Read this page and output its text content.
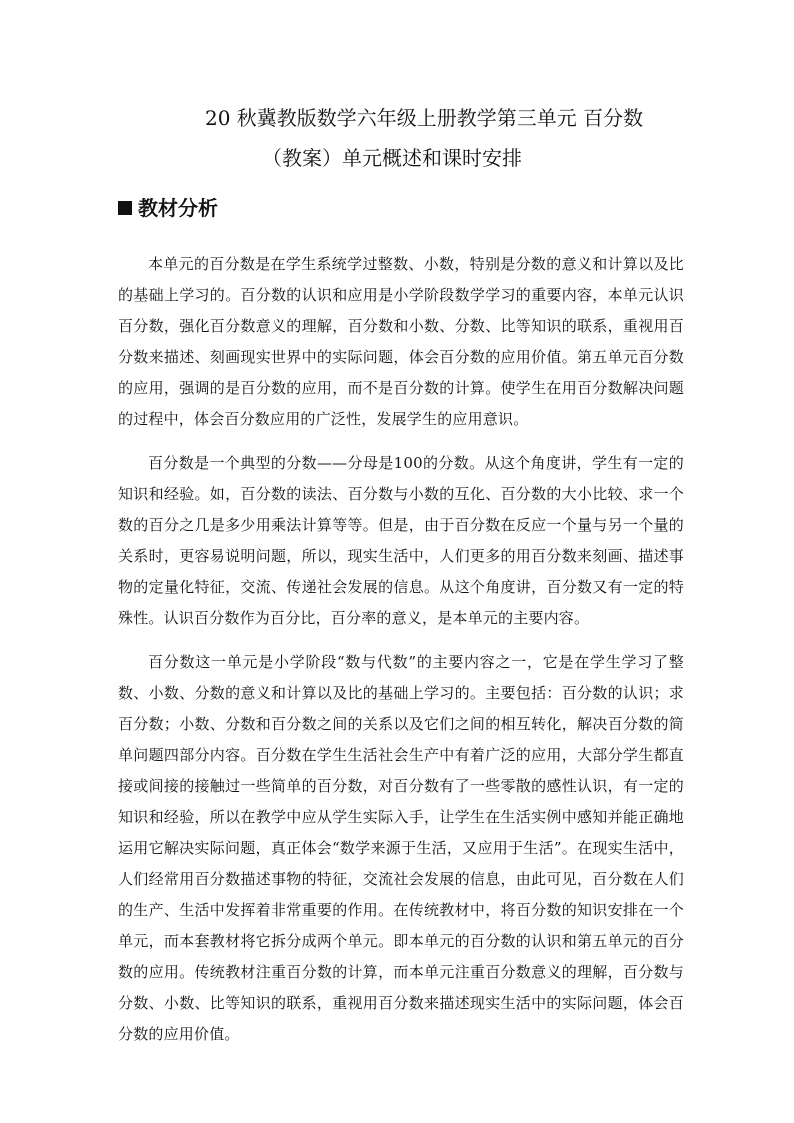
20 秋冀教版数学六年级上册教学第三单元 百分数
（教案）单元概述和课时安排
教材分析

本单元的百分数是在学生系统学过整数、小数，特别是分数的意义和计算以及比的基础上学习的。百分数的认识和应用是小学阶段数学学习的重要内容，本单元认识百分数，强化百分数意义的理解，百分数和小数、分数、比等知识的联系，重视用百分数来描述、刻画现实世界中的实际问题，体会百分数的应用价值。第五单元百分数的应用，强调的是百分数的应用，而不是百分数的计算。使学生在用百分数解决问题的过程中，体会百分数应用的广泛性，发展学生的应用意识。

百分数是一个典型的分数——分母是100的分数。从这个角度讲，学生有一定的知识和经验。如，百分数的读法、百分数与小数的互化、百分数的大小比较、求一个数的百分之几是多少用乘法计算等等。但是，由于百分数在反应一个量与另一个量的关系时，更容易说明问题，所以，现实生活中，人们更多的用百分数来刻画、描述事物的定量化特征，交流、传递社会发展的信息。从这个角度讲，百分数又有一定的特殊性。认识百分数作为百分比，百分率的意义，是本单元的主要内容。

百分数这一单元是小学阶段“数与代数”的主要内容之一，它是在学生学习了整数、小数、分数的意义和计算以及比的基础上学习的。主要包括：百分数的认识；求百分数；小数、分数和百分数之间的关系以及它们之间的相互转化，解决百分数的简单问题四部分内容。百分数在学生生活社会生产中有着广泛的应用，大部分学生都直接或间接的接触过一些简单的百分数，对百分数有了一些零散的感性认识，有一定的知识和经验，所以在教学中应从学生实际入手，让学生在生活实例中感知并能正确地运用它解决实际问题，真正体会“数学来源于生活，又应用于生活”。在现实生活中，人们经常用百分数描述事物的特征，交流社会发展的信息，由此可见，百分数在人们的生产、生活中发挥着非常重要的作用。在传统教材中，将百分数的知识安排在一个单元，而本套教材将它拆分成两个单元。即本单元的百分数的认识和第五单元的百分数的应用。传统教材注重百分数的计算，而本单元注重百分数意义的理解，百分数与分数、小数、比等知识的联系，重视用百分数来描述现实生活中的实际问题，体会百分数的应用价值。
